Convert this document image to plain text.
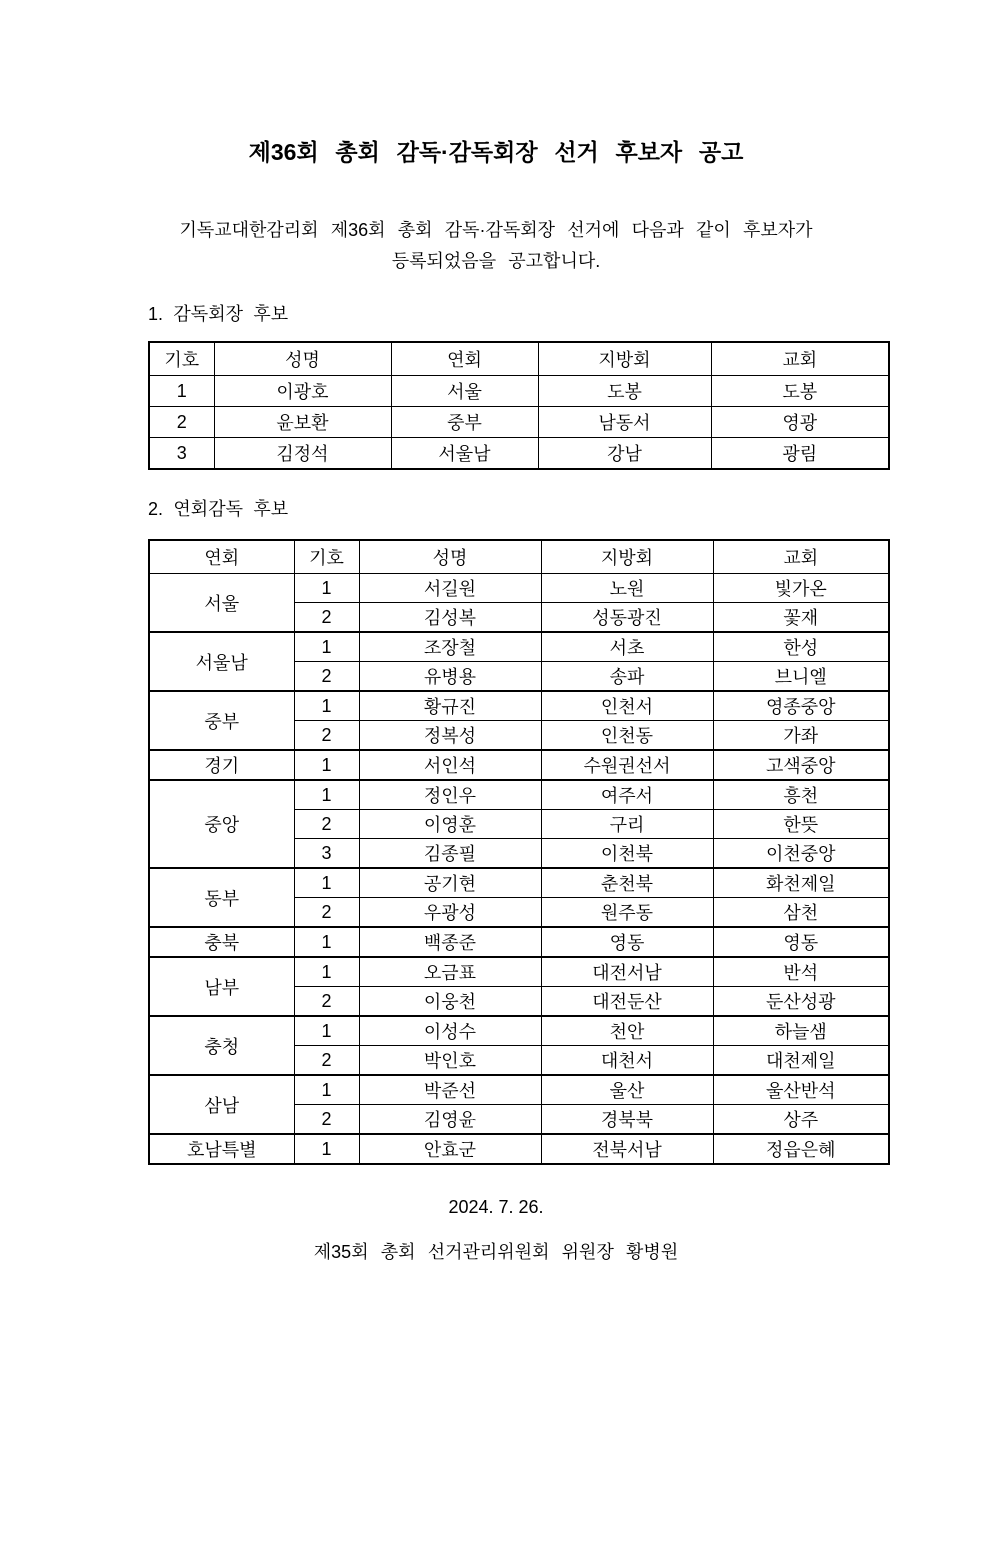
제36회 총회 감독·감독회장 선거 후보자 공고
기독교대한감리회 제36회 총회 감독·감독회장 선거에 다음과 같이 후보자가
등록되었음을 공고합니다.
1. 감독회장 후보
기호	성명	연회	지방회	교회
1	이광호	서울	도봉	도봉
2	윤보환	중부	남동서	영광
3	김정석	서울남	강남	광림
2. 연회감독 후보
연회	기호	성명	지방회	교회
서울	1	서길원	노원	빛가온
	2	김성복	성동광진	꽃재
서울남	1	조장철	서초	한성
	2	유병용	송파	브니엘
중부	1	황규진	인천서	영종중앙
	2	정복성	인천동	가좌
경기	1	서인석	수원권선서	고색중앙
중앙	1	정인우	여주서	흥천
	2	이영훈	구리	한뜻
	3	김종필	이천북	이천중앙
동부	1	공기현	춘천북	화천제일
	2	우광성	원주동	삼천
충북	1	백종준	영동	영동
남부	1	오금표	대전서남	반석
	2	이웅천	대전둔산	둔산성광
충청	1	이성수	천안	하늘샘
	2	박인호	대천서	대천제일
삼남	1	박준선	울산	울산반석
	2	김영윤	경북북	상주
호남특별	1	안효군	전북서남	정읍은혜
2024. 7. 26.
제35회 총회 선거관리위원회 위원장 황병원
